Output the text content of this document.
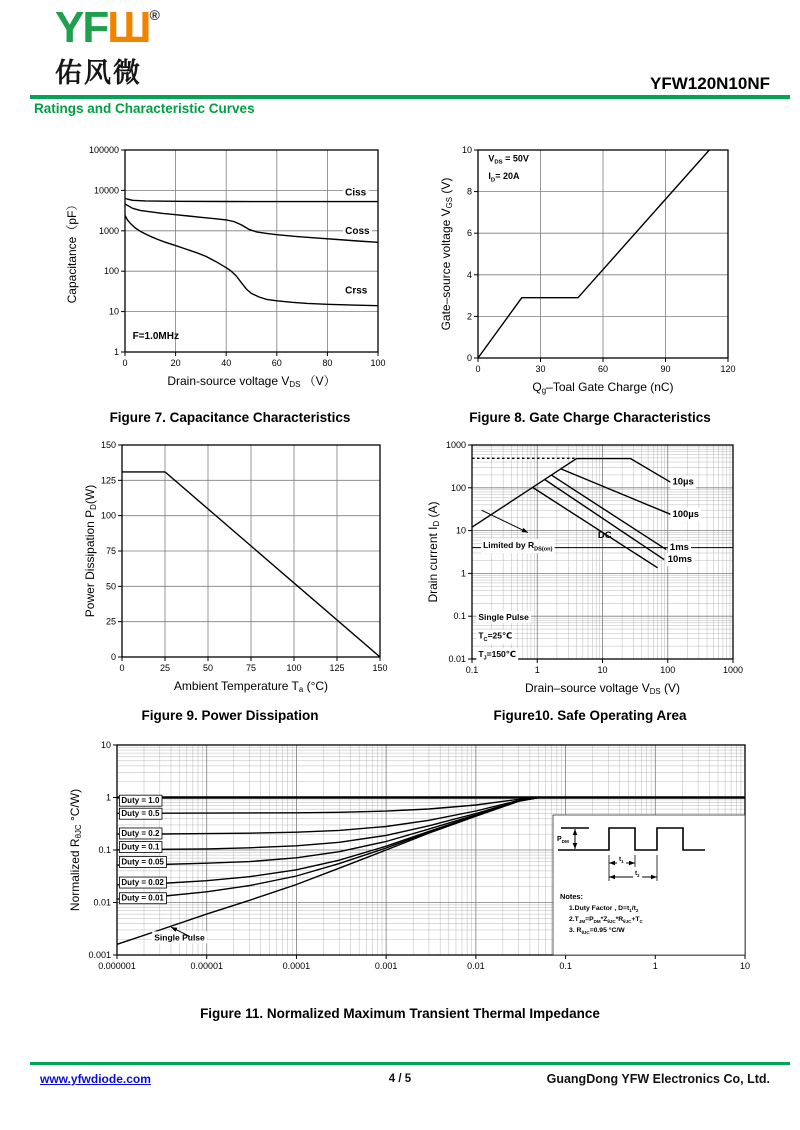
YFШ®
佑风微	YFW120N10NF
Ratings and Characteristic Curves
0	20	40	60	80	100
1
10
100
1000
10000
100000
Ciss
Coss
Crss
F=1.0MHz
Drain-source voltage VDS （V）
Capacitance（pF）
0	30	60	90	120
0
2
4
6
8
10
$V_{DS} = 50V$
$I_D= 20A$
Qg–Toal Gate Charge (nC)
Gate–source voltage VGS (V)
Figure 7. Capacitance Characteristics	Figure 8. Gate Charge Characteristics
0	25	50	75	100	125	150
0
25
50
75
100
125
150
Ambient Temperature Ta (°C)
Power Dissipation PD(W)
0.1	1	10	100	1000
0.01
0.1
1
10
100
1000
10µs
100µs
1ms
10ms
DC
Limited by $R_{DS(on)}$
Single Pulse
$T_C=25℃$
$T_J=150℃$
Drain–source voltage VDS (V)
Drain current ID (A)
Figure 9. Power Dissipation	Figure10. Safe Operating Area
0.000001	0.00001	0.0001	0.001	0.01	0.1	1	10
0.001
0.01
0.1
1
10
$P_{DM}$
$t_1$
$t_2$
Notes:
1.Duty Factor , $D=t_1/t_2$
$2.T_{JM}=P_{DM}*Z_{\theta JC}*R_{\theta JC}+T_C$
3. $R_{\theta JC}=0.95$ °C/W
Duty = 1.0
Duty = 0.5
Duty = 0.2
Duty = 0.1
Duty = 0.05
Duty = 0.02
Duty = 0.01
Single Pulse
Normalized RθJC °C/W)
Figure 11. Normalized Maximum Transient Thermal Impedance
www.yfwdiode.com	4 / 5	GuangDong YFW Electronics Co, Ltd.
